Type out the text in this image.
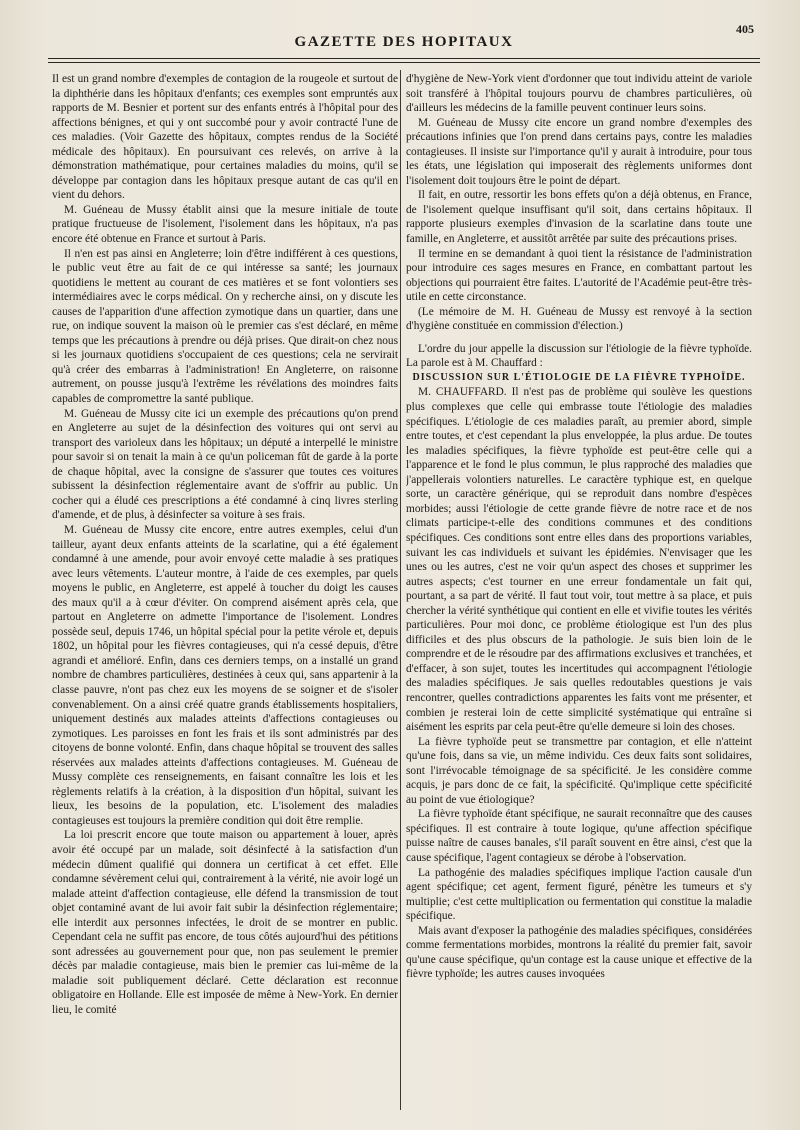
GAZETTE DES HOPITAUX
405

Il est un grand nombre d'exemples de contagion de la rougeole et surtout de la diphthérie dans les hôpitaux d'enfants; ces exemples sont empruntés aux rapports de M. Besnier et portent sur des enfants entrés à l'hôpital pour des affections bénignes, et qui y ont succombé pour y avoir contracté l'une de ces maladies. (Voir Gazette des hôpitaux, comptes rendus de la Société médicale des hôpitaux). En poursuivant ces relevés, on arrive à la démonstration mathématique, pour certaines maladies du moins, qu'il se développe par contagion dans les hôpitaux presque autant de cas qu'il en vient du dehors.

M. Guéneau de Mussy établit ainsi que la mesure initiale de toute pratique fructueuse de l'isolement, l'isolement dans les hôpitaux, n'a pas encore été obtenue en France et surtout à Paris.

Il n'en est pas ainsi en Angleterre; loin d'être indifférent à ces questions, le public veut être au fait de ce qui intéresse sa santé; les journaux quotidiens le mettent au courant de ces matières et se font volontiers ses intermédiaires avec le corps médical. On y recherche ainsi, on y discute les causes de l'apparition d'une affection zymotique dans un quartier, dans une rue, on indique souvent la maison où le premier cas s'est déclaré, en même temps que les précautions à prendre ou déjà prises. Que dirait-on chez nous si les journaux quotidiens s'occupaient de ces questions; cela ne servirait qu'à créer des embarras à l'administration! En Angleterre, on raisonne autrement, on pousse jusqu'à l'extrême les révélations des moindres faits capables de compromettre la santé publique.

M. Guéneau de Mussy cite ici un exemple des précautions qu'on prend en Angleterre au sujet de la désinfection des voitures qui ont servi au transport des varioleux dans les hôpitaux; un député a interpellé le ministre pour savoir si on tenait la main à ce qu'un policeman fût de garde à la porte de chaque hôpital, avec la consigne de s'assurer que toutes ces voitures subissent la désinfection réglementaire avant de s'offrir au public. Un cocher qui a éludé ces prescriptions a été condamné à cinq livres sterling d'amende, et de plus, à désinfecter sa voiture à ses frais.

M. Guéneau de Mussy cite encore, entre autres exemples, celui d'un tailleur, ayant deux enfants atteints de la scarlatine, qui a été également condamné à une amende, pour avoir envoyé cette maladie à ses pratiques avec leurs vêtements. L'auteur montre, à l'aide de ces exemples, par quels moyens le public, en Angleterre, est appelé à toucher du doigt les causes des maux qu'il a à cœur d'éviter. On comprend aisément après cela, que partout en Angleterre on admette l'importance de l'isolement. Londres possède seul, depuis 1746, un hôpital spécial pour la petite vérole et, depuis 1802, un hôpital pour les fièvres contagieuses, qui n'a cessé depuis, d'être agrandi et amélioré. Enfin, dans ces derniers temps, on a installé un grand nombre de chambres particulières, destinées à ceux qui, sans appartenir à la classe pauvre, n'ont pas chez eux les moyens de se soigner et de s'isoler convenablement. On a ainsi créé quatre grands établissements hospitaliers, uniquement destinés aux malades atteints d'affections contagieuses ou zymotiques. Les paroisses en font les frais et ils sont administrés par des citoyens de bonne volonté. Enfin, dans chaque hôpital se trouvent des salles réservées aux malades atteints d'affections contagieuses. M. Guéneau de Mussy complète ces renseignements, en faisant connaître les lois et les règlements relatifs à la création, à la disposition d'un hôpital, suivant les lieux, les besoins de la population, etc. L'isolement des maladies contagieuses est toujours la première condition qui doit être remplie.

La loi prescrit encore que toute maison ou appartement à louer, après avoir été occupé par un malade, soit désinfecté à la satisfaction d'un médecin dûment qualifié qui donnera un certificat à cet effet. Elle condamne sévèrement celui qui, contrairement à la vérité, nie avoir logé un malade atteint d'affection contagieuse, elle défend la transmission de tout objet contaminé avant de lui avoir fait subir la désinfection réglementaire; elle interdit aux personnes infectées, le droit de se montrer en public. Cependant cela ne suffit pas encore, de tous côtés aujourd'hui des pétitions sont adressées au gouvernement pour que, non pas seulement le premier décès par maladie contagieuse, mais bien le premier cas lui-même de la maladie soit publiquement déclaré. Cette déclaration est reconnue obligatoire en Hollande. Elle est imposée de même à New-York. En dernier lieu, le comité

d'hygiène de New-York vient d'ordonner que tout individu atteint de variole soit transféré à l'hôpital toujours pourvu de chambres particulières, où d'ailleurs les médecins de la famille peuvent continuer leurs soins.

M. Guéneau de Mussy cite encore un grand nombre d'exemples des précautions infinies que l'on prend dans certains pays, contre les maladies contagieuses. Il insiste sur l'importance qu'il y aurait à introduire, pour tous les états, une législation qui imposerait des règlements uniformes dont l'isolement doit toujours être le point de départ.

Il fait, en outre, ressortir les bons effets qu'on a déjà obtenus, en France, de l'isolement quelque insuffisant qu'il soit, dans certains hôpitaux. Il rapporte plusieurs exemples d'invasion de la scarlatine dans toute une famille, en Angleterre, et aussitôt arrêtée par suite des précautions prises.

Il termine en se demandant à quoi tient la résistance de l'administration pour introduire ces sages mesures en France, en combattant partout les objections qui pourraient être faites. L'autorité de l'Académie peut-être très-utile en cette circonstance.

(Le mémoire de M. H. Guéneau de Mussy est renvoyé à la section d'hygiène constituée en commission d'élection.)

L'ordre du jour appelle la discussion sur l'étiologie de la fièvre typhoïde. La parole est à M. Chauffard :

DISCUSSION SUR L'ÉTIOLOGIE DE LA FIÈVRE TYPHOÏDE.

M. CHAUFFARD. Il n'est pas de problème qui soulève les questions plus complexes que celle qui embrasse toute l'étiologie des maladies spécifiques. L'étiologie de ces maladies paraît, au premier abord, simple entre toutes, et c'est cependant la plus enveloppée, la plus ardue. De toutes les maladies spécifiques, la fièvre typhoïde est peut-être celle qui a l'apparence et le fond le plus commun, le plus rapproché des maladies que j'appellerais volontiers naturelles. Le caractère typhique est, en quelque sorte, un caractère générique, qui se reproduit dans nombre d'espèces morbides; aussi l'étiologie de cette grande fièvre de notre race et de nos climats participe-t-elle des conditions communes et des conditions spécifiques. Ces conditions sont entre elles dans des proportions variables, suivant les cas individuels et suivant les épidémies. N'envisager que les unes ou les autres, c'est ne voir qu'un aspect des choses et supprimer les autres aspects; c'est tourner en une erreur fondamentale un fait qui, pourtant, a sa part de vérité. Il faut tout voir, tout mettre à sa place, et puis chercher la vérité synthétique qui contient en elle et vivifie toutes les vérités particulières. Pour moi donc, ce problème étiologique est l'un des plus difficiles et des plus obscurs de la pathologie. Je suis bien loin de le comprendre et de le résoudre par des affirmations exclusives et tranchées, et d'effacer, à son sujet, toutes les incertitudes qui accompagnent l'étiologie des maladies spécifiques. Je sais quelles redoutables questions je vais rencontrer, quelles contradictions apparentes les faits vont me présenter, et combien je resterai loin de cette simplicité systématique qui entraîne si aisément les esprits par cela peut-être qu'elle demeure si loin des choses.

La fièvre typhoïde peut se transmettre par contagion, et elle n'atteint qu'une fois, dans sa vie, un même individu. Ces deux faits sont solidaires, sont l'irrévocable témoignage de sa spécificité. Je les considère comme acquis, je pars donc de ce fait, la spécificité. Qu'implique cette spécificité au point de vue étiologique?

La fièvre typhoïde étant spécifique, ne saurait reconnaître que des causes spécifiques. Il est contraire à toute logique, qu'une affection spécifique puisse naître de causes banales, s'il paraît souvent en être ainsi, c'est que la cause spécifique, l'agent contagieux se dérobe à l'observation.

La pathogénie des maladies spécifiques implique l'action causale d'un agent spécifique; cet agent, ferment figuré, pénètre les tumeurs et s'y multiplie; c'est cette multiplication ou fermentation qui constitue la maladie spécifique.

Mais avant d'exposer la pathogénie des maladies spécifiques, considérées comme fermentations morbides, montrons la réalité du premier fait, savoir qu'une cause spécifique, qu'un contage est la cause unique et effective de la fièvre typhoïde; les autres causes invoquées
